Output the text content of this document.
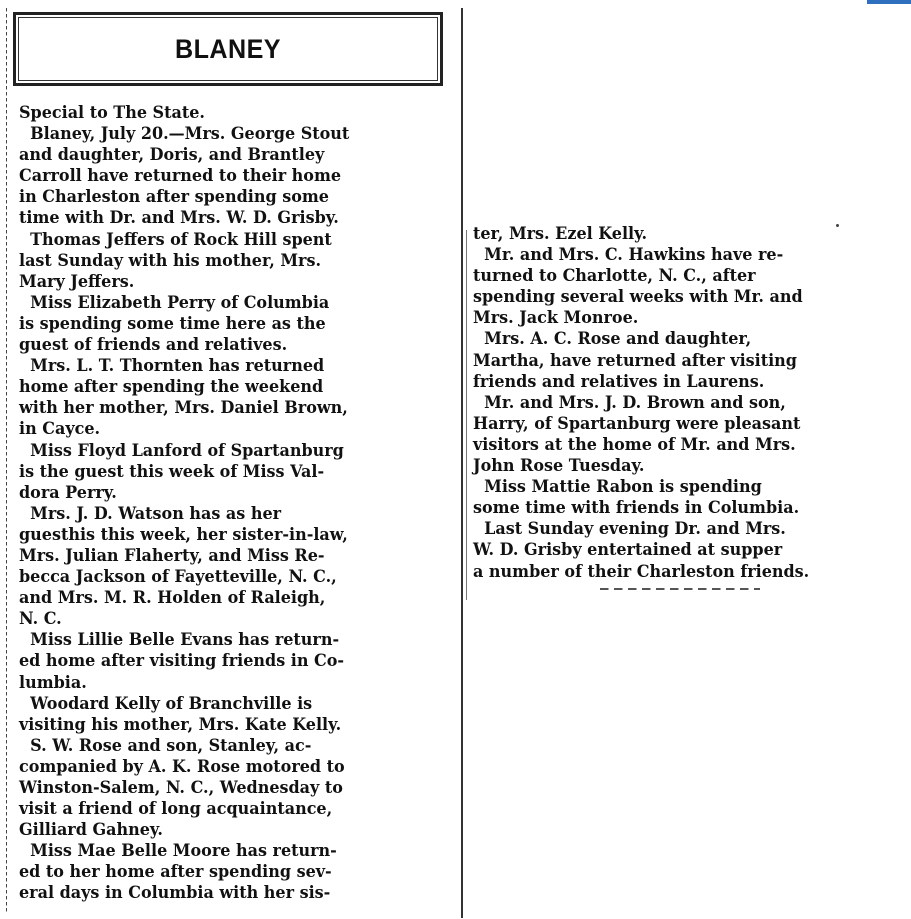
BLANEY
Special to The State.
Blaney, July 20.—Mrs. George Stout
and daughter, Doris, and Brantley
Carroll have returned to their home
in Charleston after spending some
time with Dr. and Mrs. W. D. Grisby.
Thomas Jeffers of Rock Hill spent
last Sunday with his mother, Mrs.
Mary Jeffers.
Miss Elizabeth Perry of Columbia
is spending some time here as the
guest of friends and relatives.
Mrs. L. T. Thornten has returned
home after spending the weekend
with her mother, Mrs. Daniel Brown,
in Cayce.
Miss Floyd Lanford of Spartanburg
is the guest this week of Miss Val-
dora Perry.
Mrs. J. D. Watson has as her
guesthis this week, her sister-in-law,
Mrs. Julian Flaherty, and Miss Re-
becca Jackson of Fayetteville, N. C.,
and Mrs. M. R. Holden of Raleigh,
N. C.
Miss Lillie Belle Evans has return-
ed home after visiting friends in Co-
lumbia.
Woodard Kelly of Branchville is
visiting his mother, Mrs. Kate Kelly.
S. W. Rose and son, Stanley, ac-
companied by A. K. Rose motored to
Winston-Salem, N. C., Wednesday to
visit a friend of long acquaintance,
Gilliard Gahney.
Miss Mae Belle Moore has return-
ed to her home after spending sev-
eral days in Columbia with her sis-
ter, Mrs. Ezel Kelly.
Mr. and Mrs. C. Hawkins have re-
turned to Charlotte, N. C., after
spending several weeks with Mr. and
Mrs. Jack Monroe.
Mrs. A. C. Rose and daughter,
Martha, have returned after visiting
friends and relatives in Laurens.
Mr. and Mrs. J. D. Brown and son,
Harry, of Spartanburg were pleasant
visitors at the home of Mr. and Mrs.
John Rose Tuesday.
Miss Mattie Rabon is spending
some time with friends in Columbia.
Last Sunday evening Dr. and Mrs.
W. D. Grisby entertained at supper
a number of their Charleston friends.
